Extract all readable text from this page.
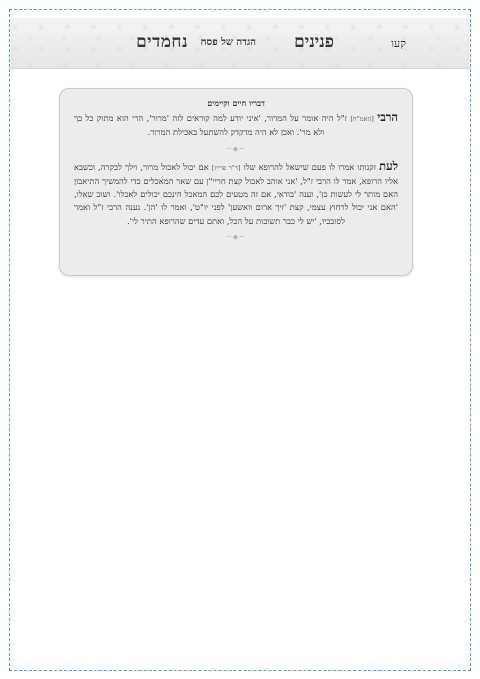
קעו
פנינים
הגדה של פסח
נחמדים
דבריו חיים וקיימים

הרבי [האמ"ח] ז"ל היה אומר על המרור, 'איני יודע למה קוראים לזה 'מרור', הרי הוא מתוק כל כך ולא מר'. ואכן לא היה מדקדק להשתעל באכילת המרור.

~◆~

לעת זקנותו אמרו לו פעם שישאל להרופא שלו [ד"ר פרייז] אם יכול לאכול מרור, וילך לבקרה, וכשבא אליו הרופא, אמר לו הרבי ז"ל, 'אני אוהב לאכול קצת חריי"ן עם שאר המאכלים כדי להמשיך התיאבון האם מותר לי לעשות כן', וענה 'בודאי, אם זה מטעים לכם המאכל הינכם יכולים לאכלו'. ושוב שאלו, 'האם אני יכול לרחוץ עצמי, קצת 'זיך ארום וואשען' לפני יו"ט', ואמר לו 'הן'. נענה הרבי ז"ל ואמר לסובביו, 'יש לי כבר תשובות על הכל, ואתם עדים שהרופא התיר לי'.

~◆~
